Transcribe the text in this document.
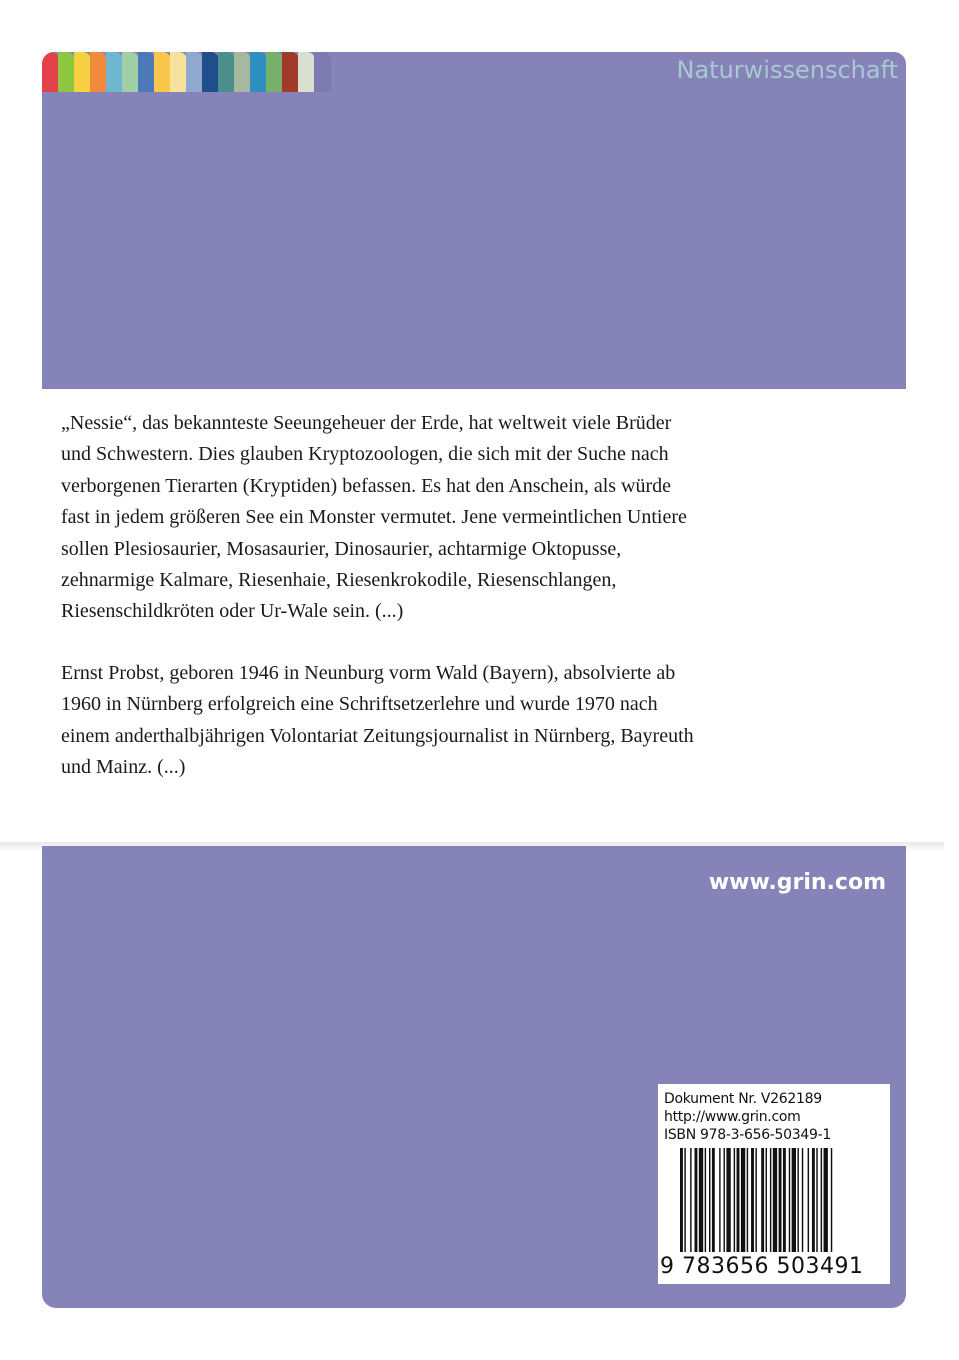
Naturwissenschaft

„Nessie“, das bekannteste Seeungeheuer der Erde, hat weltweit viele Brüder
und Schwestern. Dies glauben Kryptozoologen, die sich mit der Suche nach
verborgenen Tierarten (Kryptiden) befassen. Es hat den Anschein, als würde
fast in jedem größeren See ein Monster vermutet. Jene vermeintlichen Untiere
sollen Plesiosaurier, Mosasaurier, Dinosaurier, achtarmige Oktopusse,
zehnarmige Kalmare, Riesenhaie, Riesenkrokodile, Riesenschlangen,
Riesenschildkröten oder Ur-Wale sein. (...)

Ernst Probst, geboren 1946 in Neunburg vorm Wald (Bayern), absolvierte ab
1960 in Nürnberg erfolgreich eine Schriftsetzerlehre und wurde 1970 nach
einem anderthalbjährigen Volontariat Zeitungsjournalist in Nürnberg, Bayreuth
und Mainz. (...)

www.grin.com
Dokument Nr. V262189
http://www.grin.com
ISBN 978-3-656-50349-1
9 783656 503491
